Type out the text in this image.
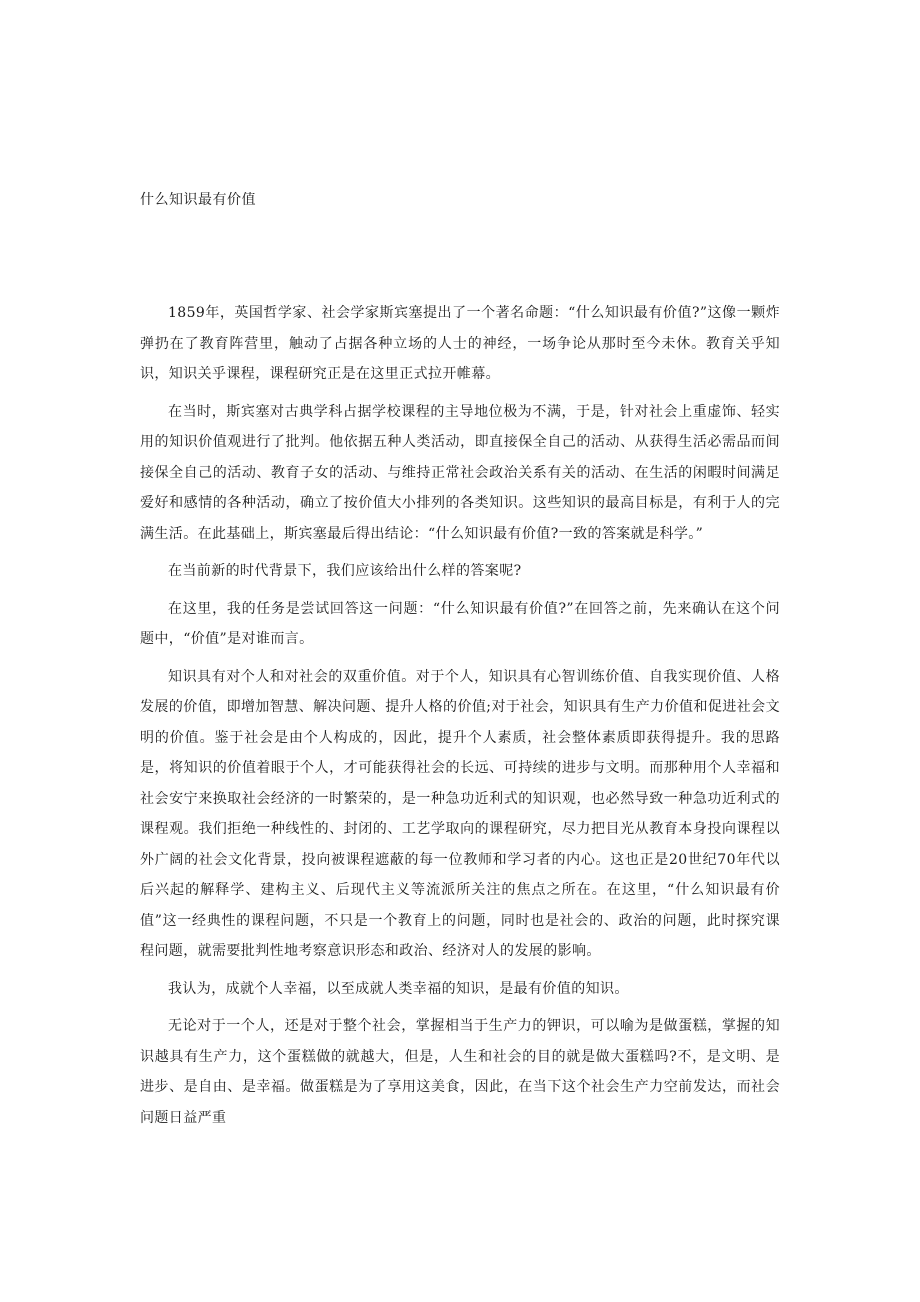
什么知识最有价值

1859年，英国哲学家、社会学家斯宾塞提出了一个著名命题：“什么知识最有价值?”这像一颗炸弹扔在了教育阵营里，触动了占据各种立场的人士的神经，一场争论从那时至今未休。教育关乎知识，知识关乎课程，课程研究正是在这里正式拉开帷幕。

在当时，斯宾塞对古典学科占据学校课程的主导地位极为不满，于是，针对社会上重虚饰、轻实用的知识价值观进行了批判。他依据五种人类活动，即直接保全自己的活动、从获得生活必需品而间接保全自己的活动、教育子女的活动、与维持正常社会政治关系有关的活动、在生活的闲暇时间满足爱好和感情的各种活动，确立了按价值大小排列的各类知识。这些知识的最高目标是，有利于人的完满生活。在此基础上，斯宾塞最后得出结论：“什么知识最有价值?一致的答案就是科学。”

在当前新的时代背景下，我们应该给出什么样的答案呢?

在这里，我的任务是尝试回答这一问题：“什么知识最有价值?”在回答之前，先来确认在这个问题中，“价值”是对谁而言。

知识具有对个人和对社会的双重价值。对于个人，知识具有心智训练价值、自我实现价值、人格发展的价值，即增加智慧、解决问题、提升人格的价值;对于社会，知识具有生产力价值和促进社会文明的价值。鉴于社会是由个人构成的，因此，提升个人素质，社会整体素质即获得提升。我的思路是，将知识的价值着眼于个人，才可能获得社会的长远、可持续的进步与文明。而那种用个人幸福和社会安宁来换取社会经济的一时繁荣的，是一种急功近利式的知识观，也必然导致一种急功近利式的课程观。我们拒绝一种线性的、封闭的、工艺学取向的课程研究，尽力把目光从教育本身投向课程以外广阔的社会文化背景，投向被课程遮蔽的每一位教师和学习者的内心。这也正是20世纪70年代以后兴起的解释学、建构主义、后现代主义等流派所关注的焦点之所在。在这里，“什么知识最有价值”这一经典性的课程问题，不只是一个教育上的问题，同时也是社会的、政治的问题，此时探究课程问题，就需要批判性地考察意识形态和政治、经济对人的发展的影响。

我认为，成就个人幸福，以至成就人类幸福的知识，是最有价值的知识。

无论对于一个人，还是对于整个社会，掌握相当于生产力的钾识，可以喻为是做蛋糕，掌握的知识越具有生产力，这个蛋糕做的就越大，但是，人生和社会的目的就是做大蛋糕吗?不，是文明、是进步、是自由、是幸福。做蛋糕是为了享用这美食，因此，在当下这个社会生产力空前发达，而社会问题日益严重
